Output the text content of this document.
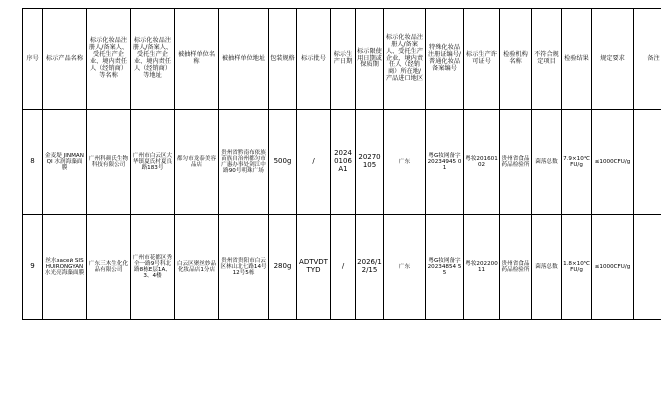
序号	标示产品名称	标示化妆品注册人/备案人、受托生产企业、境内责任人（经销商）等名称	标示化妆品注册人/备案人、受托生产企业、境内责任人（经销商）等地址	被抽样单位名称	被抽样单位地址	包装规格	标示批号	标示生产日期	标示限使用日期或保质期	标示化妆品注册人/备案人、受托生产企业、境内责任人（经销商）所在地/产品进口地区	特殊化妆品注册证编号/普通化妆品备案编号	标示生产许可证号	检验机构名称	不符合规定项目	检验结果	规定要求	备注
8	金麦堤 JINMAN QI 水润海藻面膜	广州科颜氏生物科技有限公司	广州市白云区大华镇夏氏村夏良路183号	都匀市龙泰美容品店	贵州省黔南布依族苗族自治州都匀市广惠办事处剑江中路90号明珠广场	500g	/	20240106A1	20270105	广东	粤G妆网备字20234945 01	粤妆20160102	贵州省食品药品检验所	菌落总数	7.9×10⁴CFU/g	≤1000CFU/g	
9	丝水засей SISHUIRONGYAN水光亮海藻面膜	广东三木生化化品有限公司	广州市花都区秀全一路9号科北路8栋E层1A、3、4楼	白云区聚丝妙品化妆品店1分店	贵州省贵阳市白云区林山北七路14号12号5栋	280g	ADTVDTTYD	/	2026/12/15	广东	粤G妆网备字20234854 55	粤妆20220011	贵州省食品药品检验所	菌落总数	1.8×10⁵CFU/g	≤1000CFU/g	
